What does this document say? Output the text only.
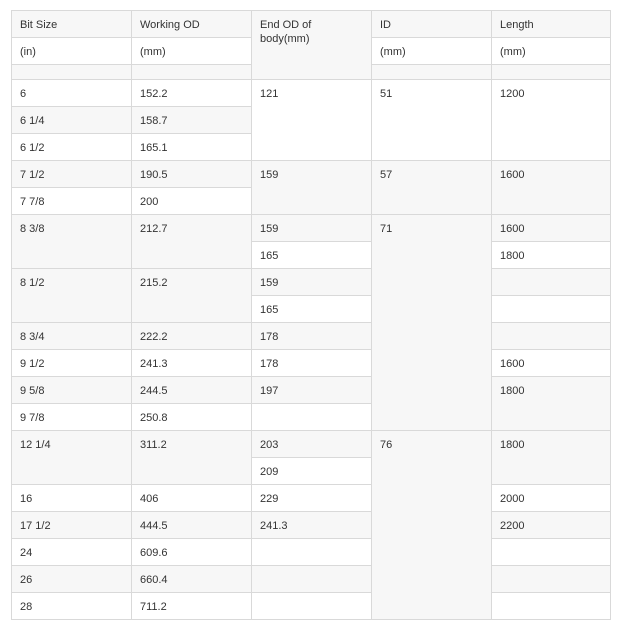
Bit Size	Working OD	End OD of body(mm)	ID	Length
(in)	(mm)		(mm)	(mm)

6	152.2	121	51	1200
6 1/4	158.7			
6 1/2	165.1			
7 1/2	190.5	159	57	1600
7 7/8	200			
8 3/8	212.7	159	71	1600
		165		1800
8 1/2	215.2	159		
		165		
8 3/4	222.2	178		
9 1/2	241.3	178		1600
9 5/8	244.5	197		1800
9 7/8	250.8			
12 1/4	311.2	203	76	1800
		209		
16	406	229		2000
17 1/2	444.5	241.3		2200
24	609.6			
26	660.4			
28	711.2			
